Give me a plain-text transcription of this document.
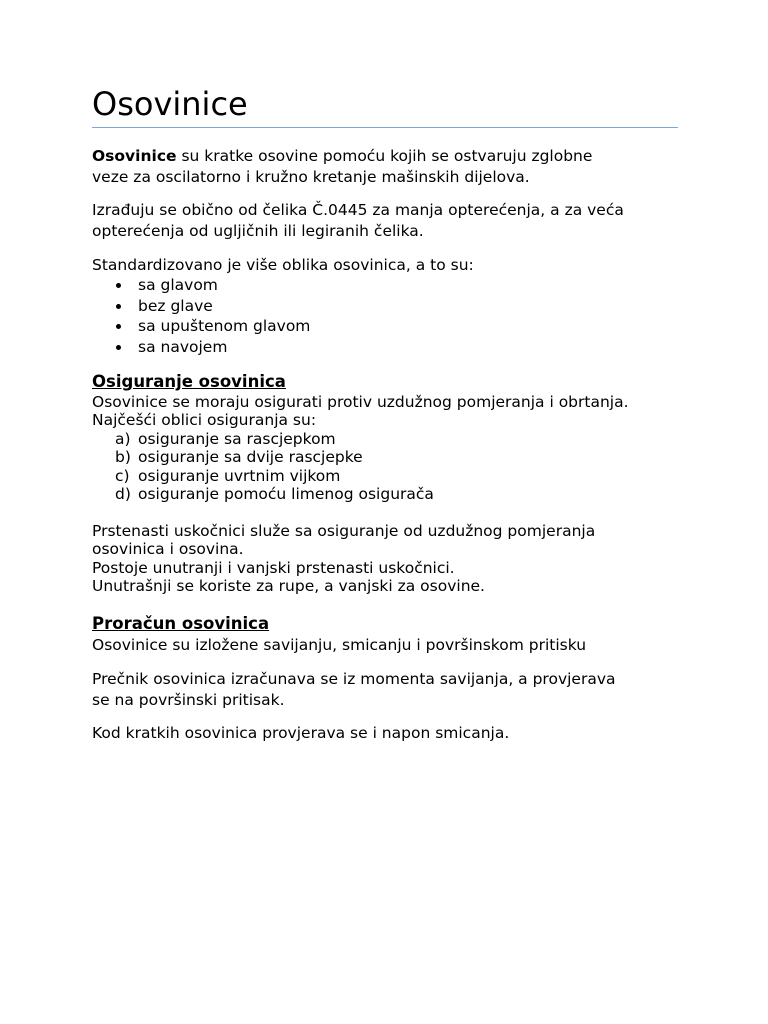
Osovinice

Osovinice su kratke osovine pomoću kojih se ostvaruju zglobne
veze za oscilatorno i kružno kretanje mašinskih dijelova.

Izrađuju se obično od čelika Č.0445 za manja opterećenja, a za veća
opterećenja od ugljičnih ili legiranih čelika.

Standardizovano je više oblika osovinica, a to su:

sa glavom
bez glave
sa upuštenom glavom
sa navojem
Osiguranje osovinica

Osovinice se moraju osigurati protiv uzdužnog pomjeranja i obrtanja.
Najčešći oblici osiguranja su:

a) osiguranje sa rascjepkom
b) osiguranje sa dvije rascjepke
c) osiguranje uvrtnim vijkom
d) osiguranje pomoću limenog osigurača

Prstenasti uskočnici služe sa osiguranje od uzdužnog pomjeranja
osovinica i osovina.
Postoje unutranji i vanjski prstenasti uskočnici.
Unutrašnji se koriste za rupe, a vanjski za osovine.

Proračun osovinica

Osovinice su izložene savijanju, smicanju i površinskom pritisku

Prečnik osovinica izračunava se iz momenta savijanja, a provjerava
se na površinski pritisak.

Kod kratkih osovinica provjerava se i napon smicanja.
